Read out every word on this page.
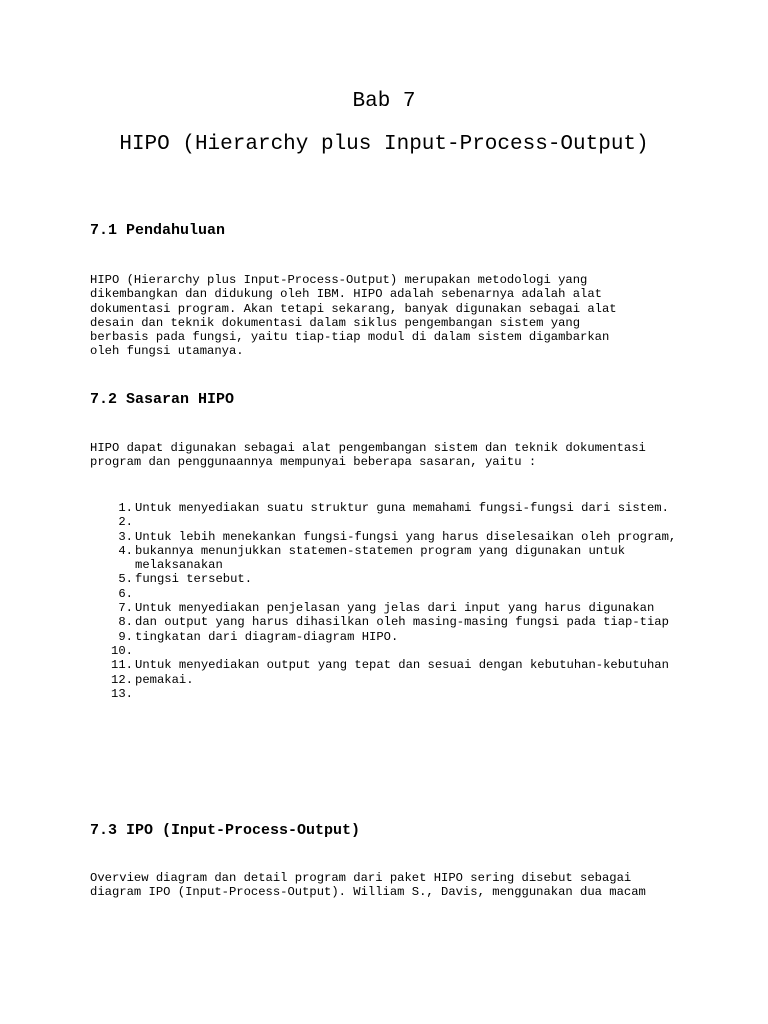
Bab 7
HIPO (Hierarchy plus Input-Process-Output)
7.1 Pendahuluan
HIPO (Hierarchy plus Input-Process-Output) merupakan metodologi yang
dikembangkan dan didukung oleh IBM. HIPO adalah sebenarnya adalah alat
dokumentasi program. Akan tetapi sekarang, banyak digunakan sebagai alat
desain dan teknik dokumentasi dalam siklus pengembangan sistem yang
berbasis pada fungsi, yaitu tiap-tiap modul di dalam sistem digambarkan
oleh fungsi utamanya.
7.2 Sasaran HIPO
HIPO dapat digunakan sebagai alat pengembangan sistem dan teknik dokumentasi
program dan penggunaannya mempunyai beberapa sasaran, yaitu :
1. Untuk menyediakan suatu struktur guna memahami fungsi-fungsi dari sistem.
2.
3. Untuk lebih menekankan fungsi-fungsi yang harus diselesaikan oleh program,
4. bukannya menunjukkan statemen-statemen program yang digunakan untuk melaksanakan
5. fungsi tersebut.
6.
7. Untuk menyediakan penjelasan yang jelas dari input yang harus digunakan
8. dan output yang harus dihasilkan oleh masing-masing fungsi pada tiap-tiap
9. tingkatan dari diagram-diagram HIPO.
10.
11. Untuk menyediakan output yang tepat dan sesuai dengan kebutuhan-kebutuhan
12. pemakai.
13.
7.3 IPO (Input-Process-Output)
Overview diagram dan detail program dari paket HIPO sering disebut sebagai
diagram IPO (Input-Process-Output). William S., Davis, menggunakan dua macam
